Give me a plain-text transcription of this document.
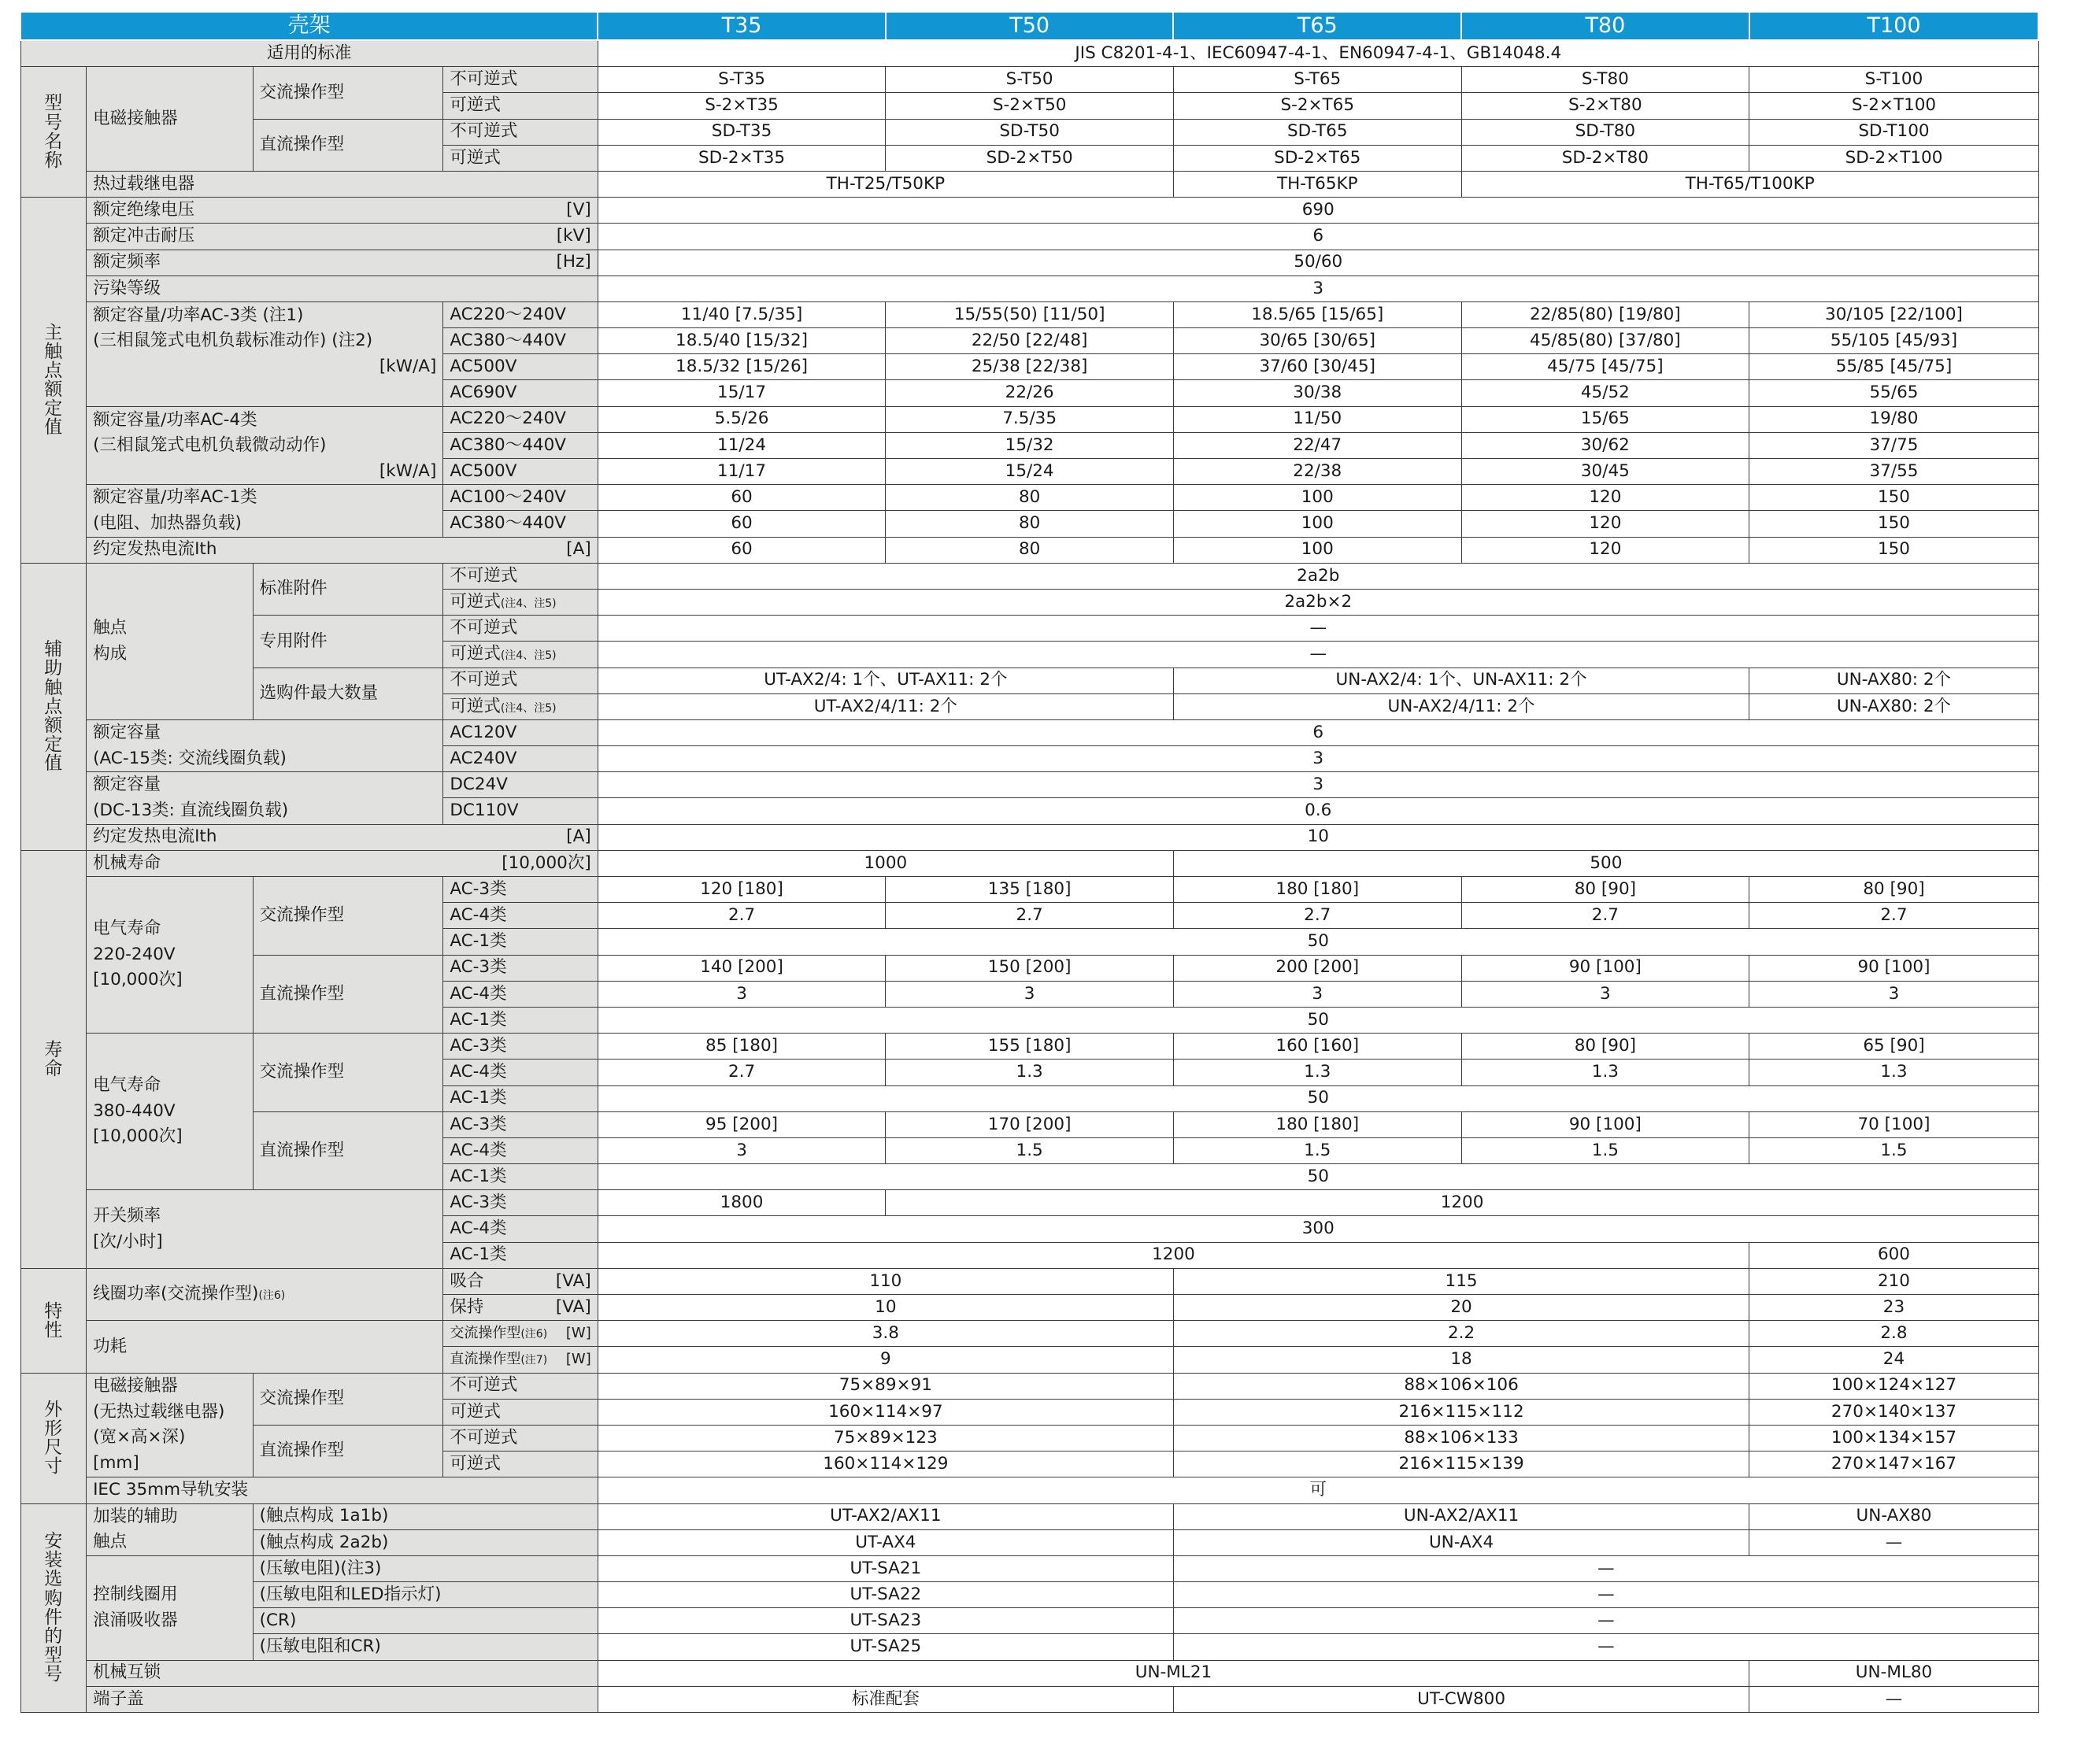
壳架				T35	T50	T65	T80	T100
适用的标准				JIS C8201-4-1、IEC60947-4-1、EN60947-4-1、GB14048.4				
型号名称	电磁接触器	交流操作型	不可逆式	S-T35	S-T50	S-T65	S-T80	S-T100
			可逆式	S-2×T35	S-2×T50	S-2×T65	S-2×T80	S-2×T100
		直流操作型	不可逆式	SD-T35	SD-T50	SD-T65	SD-T80	SD-T100
			可逆式	SD-2×T35	SD-2×T50	SD-2×T65	SD-2×T80	SD-2×T100
	热过载继电器			TH-T25/T50KP		TH-T65KP	TH-T65/T100KP	
主触点额定值	额定绝缘电压 [V]			690				
	额定冲击耐压 [kV]			6				
	额定频率 [Hz]			50/60				
	污染等级			3				

	额定容量/功率AC-3类 (注1)
(三相鼠笼式电机负载标准动作) (注2)
[kW/A]		AC220～240V	11/40 [7.5/35]	15/55(50) [11/50]	18.5/65 [15/65]	22/85(80) [19/80]	30/105 [22/100]
			AC380～440V	18.5/40 [15/32]	22/50 [22/48]	30/65 [30/65]	45/85(80) [37/80]	55/105 [45/93]
			AC500V	18.5/32 [15/26]	25/38 [22/38]	37/60 [30/45]	45/75 [45/75]	55/85 [45/75]
			AC690V	15/17	22/26	30/38	45/52	55/65

	额定容量/功率AC-4类
(三相鼠笼式电机负载微动动作)
[kW/A]		AC220～240V	5.5/26	7.5/35	11/50	15/65	19/80
			AC380～440V	11/24	15/32	22/47	30/62	37/75
			AC500V	11/17	15/24	22/38	30/45	37/55

	额定容量/功率AC-1类
(电阻、加热器负载)		AC100～240V	60	80	100	120	150
			AC380～440V	60	80	100	120	150
	约定发热电流Ith [A]			60	80	100	120	150
辅助触点额定值	触点
构成	标准附件	不可逆式	2a2b				
			可逆式(注4、注5)	2a2b×2				
		专用附件	不可逆式	—				
			可逆式(注4、注5)	—				
		选购件最大数量	不可逆式	UT-AX2/4: 1个、UT-AX11: 2个		UN-AX2/4: 1个、UN-AX11: 2个		UN-AX80: 2个
			可逆式(注4、注5)	UT-AX2/4/11: 2个		UN-AX2/4/11: 2个		UN-AX80: 2个

	额定容量
(AC-15类: 交流线圈负载)		AC120V	6				
			AC240V	3				

	额定容量
(DC-13类: 直流线圈负载)		DC24V	3				
			DC110V	0.6				
	约定发热电流Ith [A]			10				
寿命	机械寿命 [10,000次]			1000		500		

	电气寿命
220-240V
[10,000次]	交流操作型	AC-3类	120 [180]	135 [180]	180 [180]	80 [90]	80 [90]
			AC-4类	2.7	2.7	2.7	2.7	2.7
			AC-1类	50				
		直流操作型	AC-3类	140 [200]	150 [200]	200 [200]	90 [100]	90 [100]
			AC-4类	3	3	3	3	3
			AC-1类	50				

	电气寿命
380-440V
[10,000次]	交流操作型	AC-3类	85 [180]	155 [180]	160 [160]	80 [90]	65 [90]
			AC-4类	2.7	1.3	1.3	1.3	1.3
			AC-1类	50				
		直流操作型	AC-3类	95 [200]	170 [200]	180 [180]	90 [100]	70 [100]
			AC-4类	3	1.5	1.5	1.5	1.5
			AC-1类	50				

	开关频率
[次/小时]		AC-3类	1800	1200			
			AC-4类	300				
			AC-1类	1200				600
特性	线圈功率(交流操作型)(注6)		吸合 [VA]	110		115		210
			保持 [VA]	10		20		23
	功耗		交流操作型(注6) [W]	3.8		2.2		2.8
			直流操作型(注7) [W]	9		18		24
外形尺寸	电磁接触器
(无热过载继电器)
(宽×高×深)
[mm]	交流操作型	不可逆式	75×89×91		88×106×106		100×124×127
			可逆式	160×114×97		216×115×112		270×140×137
		直流操作型	不可逆式	75×89×123		88×106×133		100×134×157
			可逆式	160×114×129		216×115×139		270×147×167
	IEC 35mm导轨安装			可				
安装选购件的型号	加装的辅助
触点	(触点构成 1a1b)		UT-AX2/AX11		UN-AX2/AX11		UN-AX80
		(触点构成 2a2b)		UT-AX4		UN-AX4		—

	控制线圈用
浪涌吸收器	(压敏电阻)(注3)		UT-SA21		—		
		(压敏电阻和LED指示灯)		UT-SA22		—		
		(CR)		UT-SA23		—		
		(压敏电阻和CR)		UT-SA25		—		
	机械互锁			UN-ML21				UN-ML80
	端子盖			标准配套		UT-CW800		—
